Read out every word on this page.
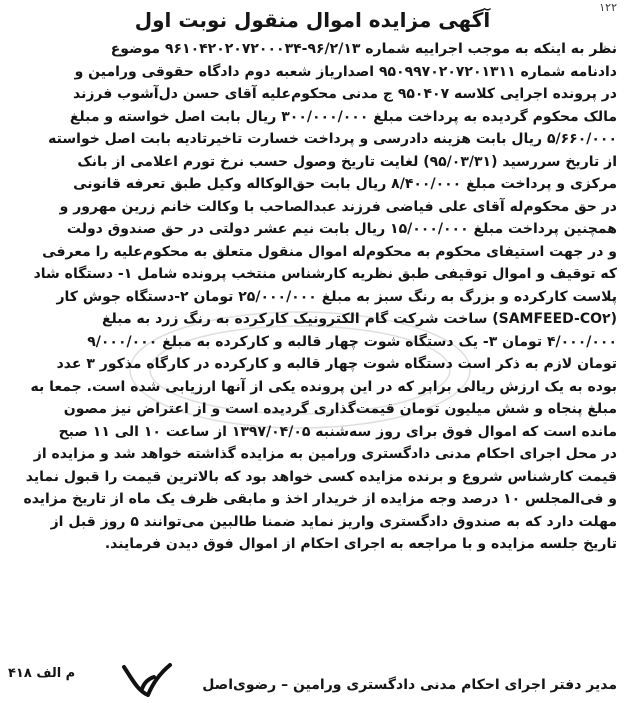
۱۲۲
آگهی مزایده اموال منقول نوبت اول
نظر به اینکه به موجب اجراییه شماره ۹۶/۲/۱۳-۹۶۱۰۴۲۰۲۰۷۲۰۰۰۳۴ موضوع
دادنامه شماره ۹۵۰۹۹۷۰۲۰۷۲۰۱۳۱۱ اصداریاز شعبه دوم دادگاه حقوقی ورامین و
در پرونده اجرایی کلاسه ۹۵۰۴۰۷ ج مدنی محکوم‌علیه آقای حسن دل‌آشوب فرزند
مالک محکوم گردیده به پرداخت مبلغ ۳۰۰/۰۰۰/۰۰۰ ریال بابت اصل خواسته و مبلغ
۵/۶۶۰/۰۰۰ ریال بابت هزینه دادرسی و پرداخت خسارت تاخیرتادیه بابت اصل خواسته
از تاریخ سررسید (۹۵/۰۳/۳۱) لغایت تاریخ وصول حسب نرخ تورم اعلامی از بانک
مرکزی و پرداخت مبلغ ۸/۴۰۰/۰۰۰ ریال بابت حق‌الوکاله وکیل طبق تعرفه قانونی
در حق محکوم‌له آقای علی فیاضی فرزند عبدالصاحب با وکالت خانم زرین مهرور و
همچنین پرداخت مبلغ ۱۵/۰۰۰/۰۰۰ ریال بابت نیم عشر دولتی در حق صندوق دولت
و در جهت استیفای محکوم به محکوم‌له اموال منقول متعلق به محکوم‌علیه را معرفی
که توقیف و اموال توقیفی طبق نظریه کارشناس منتخب پرونده شامل ۱- دستگاه شاد
پلاست کارکرده و بزرگ به رنگ سبز به مبلغ ۲۵/۰۰۰/۰۰۰ تومان ۲-دستگاه جوش کار
(SAMFEED-CO۲) ساخت شرکت گام الکترونیک کارکرده به رنگ زرد به مبلغ
۴/۰۰۰/۰۰۰ تومان ۳- یک دستگاه شوت چهار قالبه و کارکرده به مبلغ ۹/۰۰۰/۰۰۰
تومان لازم به ذکر است دستگاه شوت چهار قالبه و کارکرده در کارگاه مذکور ۳ عدد
بوده به یک ارزش ریالی برابر که در این پرونده یکی از آنها ارزیابی شده است. جمعا به
مبلغ پنجاه و شش میلیون تومان قیمت‌گذاری گردیده است و از اعتراض نیز مصون
مانده است که اموال فوق برای روز سه‌شنبه ۱۳۹۷/۰۴/۰۵ از ساعت ۱۰ الی ۱۱ صبح
در محل اجرای احکام مدنی دادگستری ورامین به مزایده گذاشته خواهد شد و مزایده از
قیمت کارشناس شروع و برنده مزایده کسی خواهد بود که بالاترین قیمت را قبول نماید
و فی‌المجلس ۱۰ درصد وجه مزایده از خریدار اخذ و مابقی ظرف یک ماه از تاریخ مزایده
مهلت دارد که به صندوق دادگستری واریز نماید ضمنا طالبین می‌توانند ۵ روز قبل از
تاریخ جلسه مزایده و با مراجعه به اجرای احکام از اموال فوق دیدن فرمایند.
م الف ۴۱۸
مدیر دفتر اجرای احکام مدنی دادگستری ورامین – رضوی‌اصل
